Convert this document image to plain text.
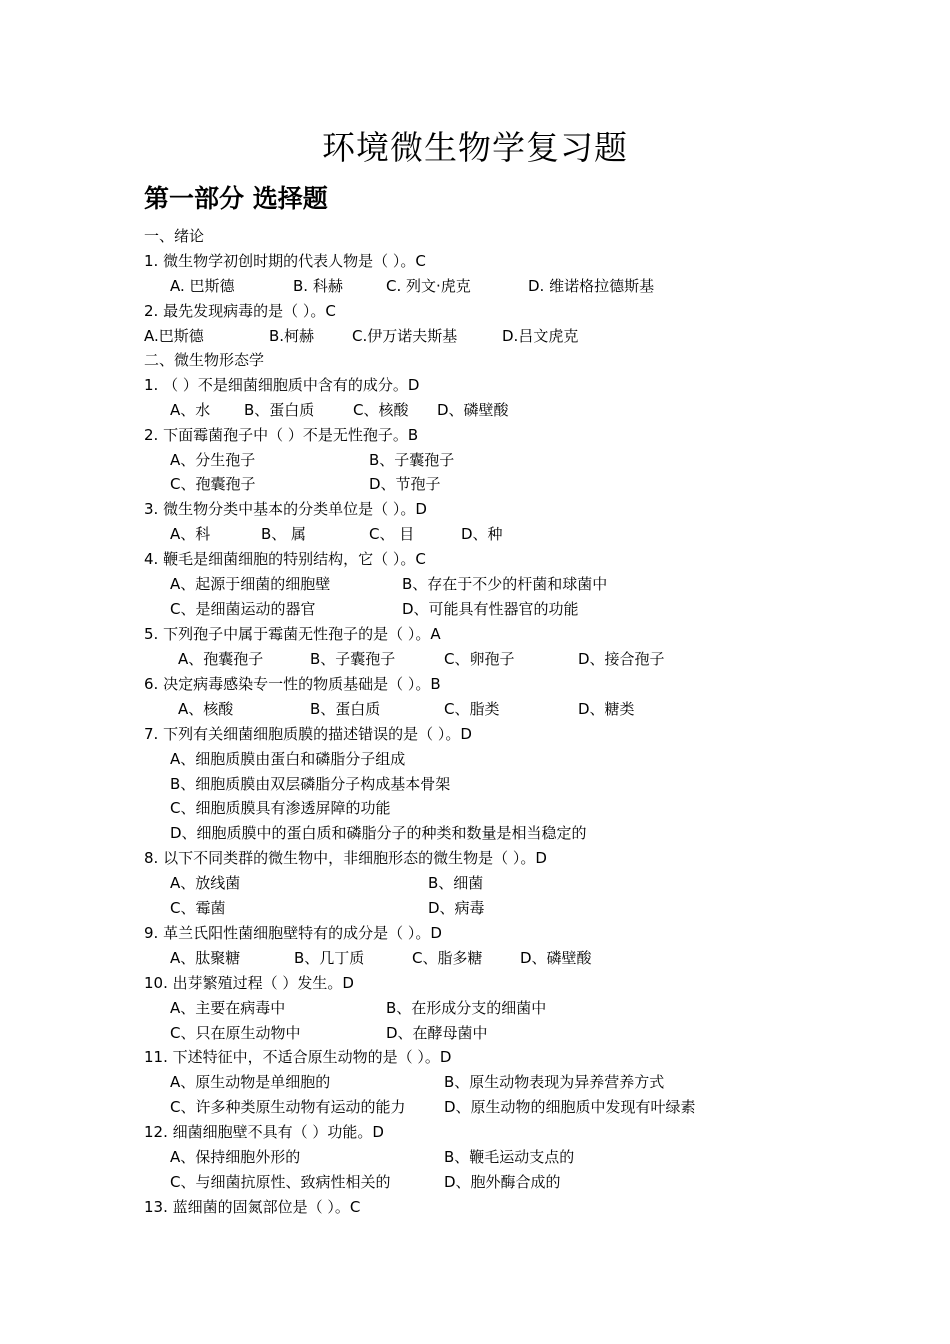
环境微生物学复习题
第一部分 选择题
一、绪论
1. 微生物学初创时期的代表人物是（ ）。C
A. 巴斯德	B. 科赫	C. 列文·虎克	D. 维诺格拉德斯基
2. 最先发现病毒的是（ ）。C
A.巴斯德	B.柯赫	C.伊万诺夫斯基	D.吕文虎克
二、微生物形态学
1. （ ）不是细菌细胞质中含有的成分。D
A、水 B、蛋白质	C、核酸 D、磷壁酸
2. 下面霉菌孢子中（ ）不是无性孢子。B
A、分生孢子	B、子囊孢子
C、孢囊孢子	D、节孢子
3. 微生物分类中基本的分类单位是（ ）。D
A、科	B、 属	C、 目	D、种
4. 鞭毛是细菌细胞的特别结构，它（ ）。C
A、起源于细菌的细胞壁	B、存在于不少的杆菌和球菌中
C、是细菌运动的器官	D、可能具有性器官的功能
5. 下列孢子中属于霉菌无性孢子的是（ ）。A
A、孢囊孢子	B、子囊孢子	C、卵孢子	D、接合孢子
6. 决定病毒感染专一性的物质基础是（ ）。B
A、核酸	B、蛋白质	C、脂类	D、糖类
7. 下列有关细菌细胞质膜的描述错误的是（ ）。D
A、细胞质膜由蛋白和磷脂分子组成
B、细胞质膜由双层磷脂分子构成基本骨架
C、细胞质膜具有渗透屏障的功能
D、细胞质膜中的蛋白质和磷脂分子的种类和数量是相当稳定的
8. 以下不同类群的微生物中，非细胞形态的微生物是（ ）。D
A、放线菌	B、细菌
C、霉菌	D、病毒
9. 革兰氏阳性菌细胞壁特有的成分是（ ）。D
A、肽聚糖	B、几丁质	C、脂多糖	D、磷壁酸
10. 出芽繁殖过程（ ）发生。D
A、主要在病毒中	B、在形成分支的细菌中
C、只在原生动物中	D、在酵母菌中
11. 下述特征中，不适合原生动物的是（ ）。D
A、原生动物是单细胞的	B、原生动物表现为异养营养方式
C、许多种类原生动物有运动的能力	D、原生动物的细胞质中发现有叶绿素
12. 细菌细胞壁不具有（ ）功能。D
A、保持细胞外形的	B、鞭毛运动支点的
C、与细菌抗原性、致病性相关的	D、胞外酶合成的
13. 蓝细菌的固氮部位是（ ）。C
